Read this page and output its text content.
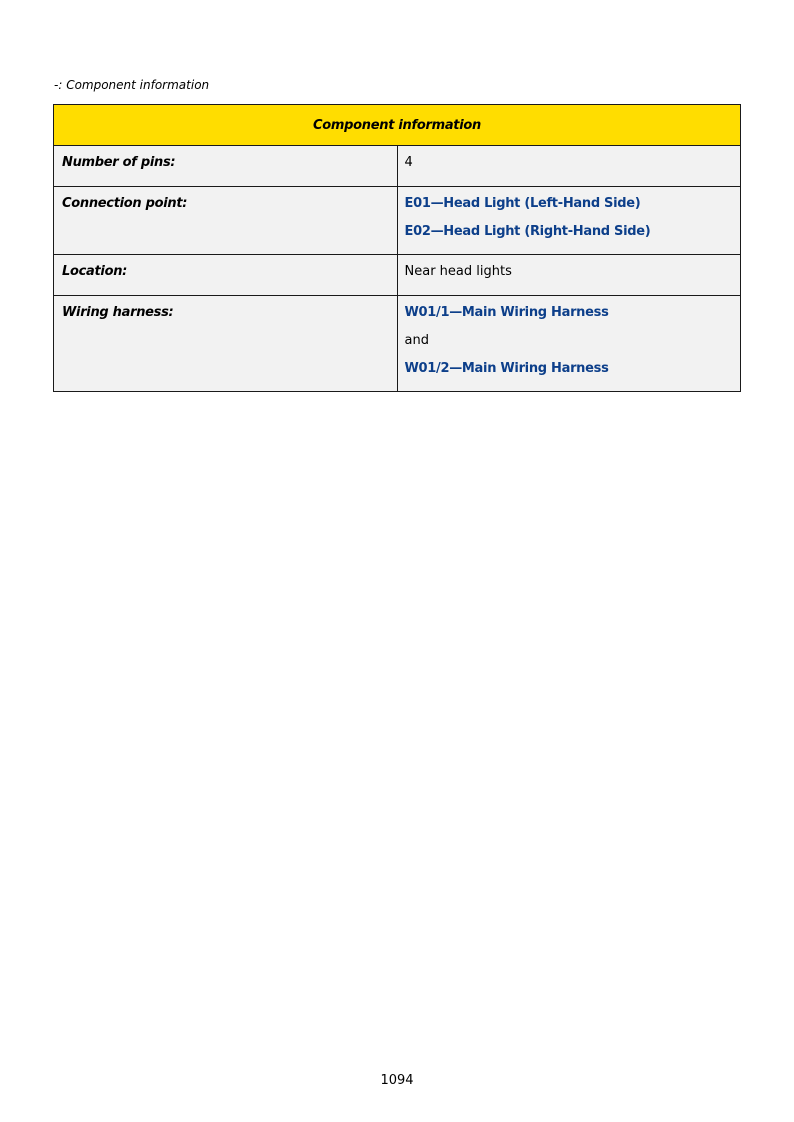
-: Component information
Component information	
Number of pins:	4

Connection point:	E01—Head Light (Left-Hand Side)
E02—Head Light (Right-Hand Side)

Location:	Near head lights

Wiring harness:	W01/1—Main Wiring Harness
and
W01/2—Main Wiring Harness
1094
